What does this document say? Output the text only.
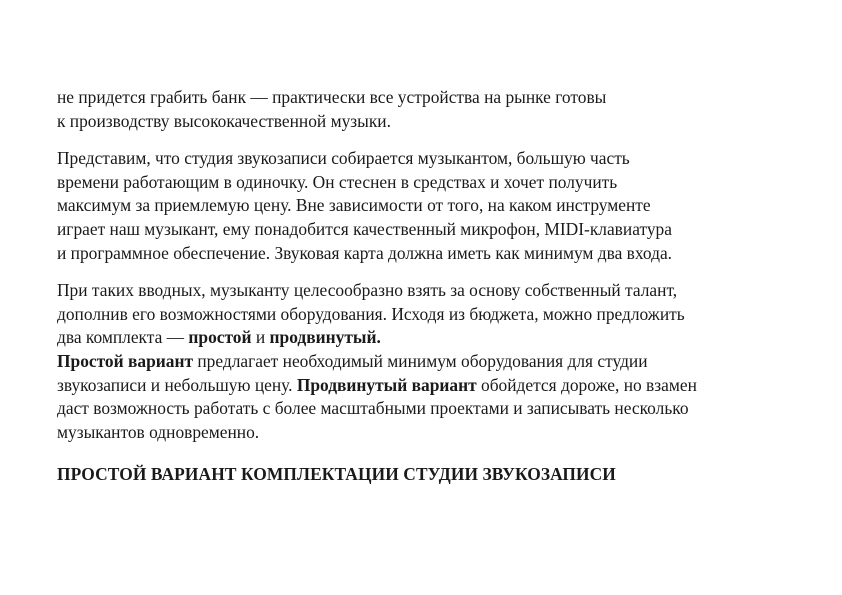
не придется грабить банк — практически все устройства на рынке готовы
к производству высококачественной музыки.

Представим, что студия звукозаписи собирается музыкантом, большую часть
времени работающим в одиночку. Он стеснен в средствах и хочет получить
максимум за приемлемую цену. Вне зависимости от того, на каком инструменте
играет наш музыкант, ему понадобится качественный микрофон, MIDI-клавиатура
и программное обеспечение. Звуковая карта должна иметь как минимум два входа.

При таких вводных, музыканту целесообразно взять за основу собственный талант,
дополнив его возможностями оборудования. Исходя из бюджета, можно предложить
два комплекта — простой и продвинутый.
Простой вариант предлагает необходимый минимум оборудования для студии
звукозаписи и небольшую цену. Продвинутый вариант обойдется дороже, но взамен
даст возможность работать с более масштабными проектами и записывать несколько
музыкантов одновременно.

ПРОСТОЙ ВАРИАНТ КОМПЛЕКТАЦИИ СТУДИИ ЗВУКОЗАПИСИ
